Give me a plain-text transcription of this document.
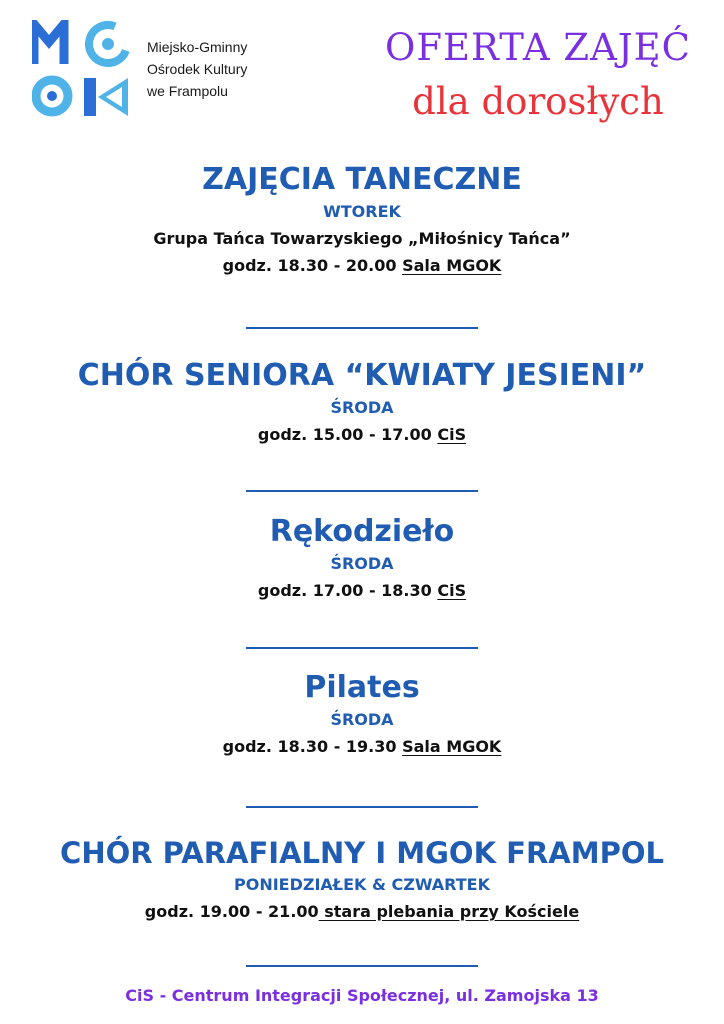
Miejsko-Gminny
Ośrodek Kultury
we Frampolu
OFERTA ZAJĘĆ
dla dorosłych
ZAJĘCIA TANECZNE
WTOREK
Grupa Tańca Towarzyskiego „Miłośnicy Tańca”
godz. 18.30 - 20.00 Sala MGOK
CHÓR SENIORA “KWIATY JESIENI”
ŚRODA
godz. 15.00 - 17.00 CiS
Rękodzieło
ŚRODA
godz. 17.00 - 18.30 CiS
Pilates
ŚRODA
godz. 18.30 - 19.30 Sala MGOK
CHÓR PARAFIALNY I MGOK FRAMPOL
PONIEDZIAŁEK & CZWARTEK
godz. 19.00 - 21.00 stara plebania przy Kościele
CiS - Centrum Integracji Społecznej, ul. Zamojska 13
